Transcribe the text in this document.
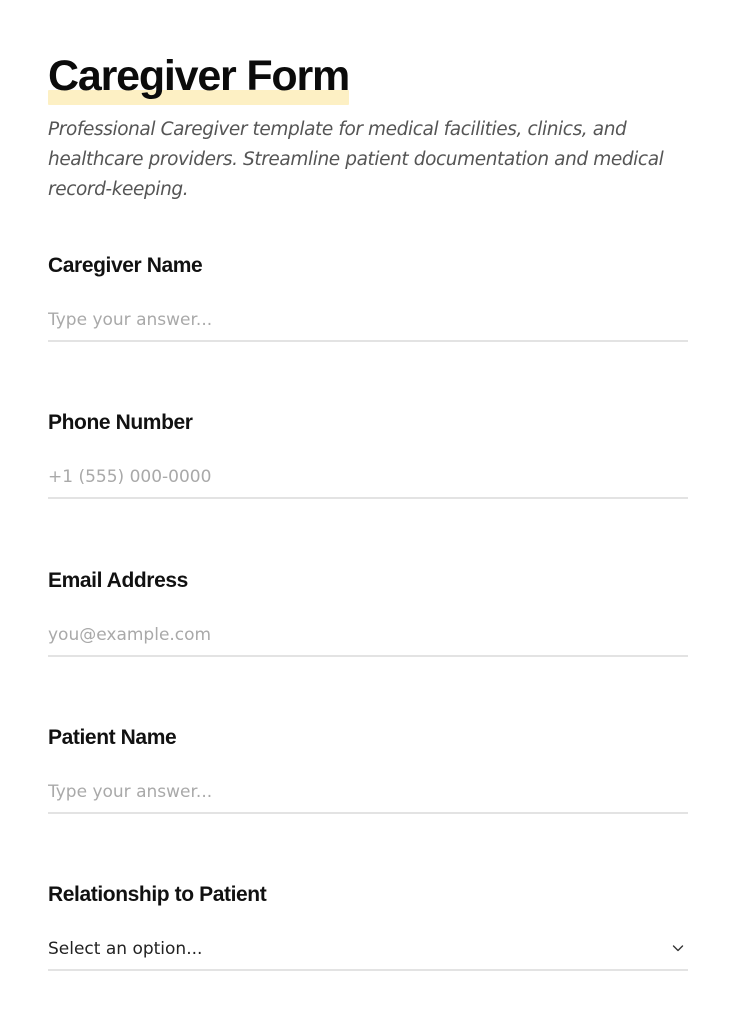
Caregiver Form

Professional Caregiver template for medical facilities, clinics, and healthcare providers. Streamline patient documentation and medical record-keeping.

Caregiver Name
Type your answer...
Phone Number
+1 (555) 000-0000
Email Address
you@example.com
Patient Name
Type your answer...
Relationship to Patient
Select an option...
